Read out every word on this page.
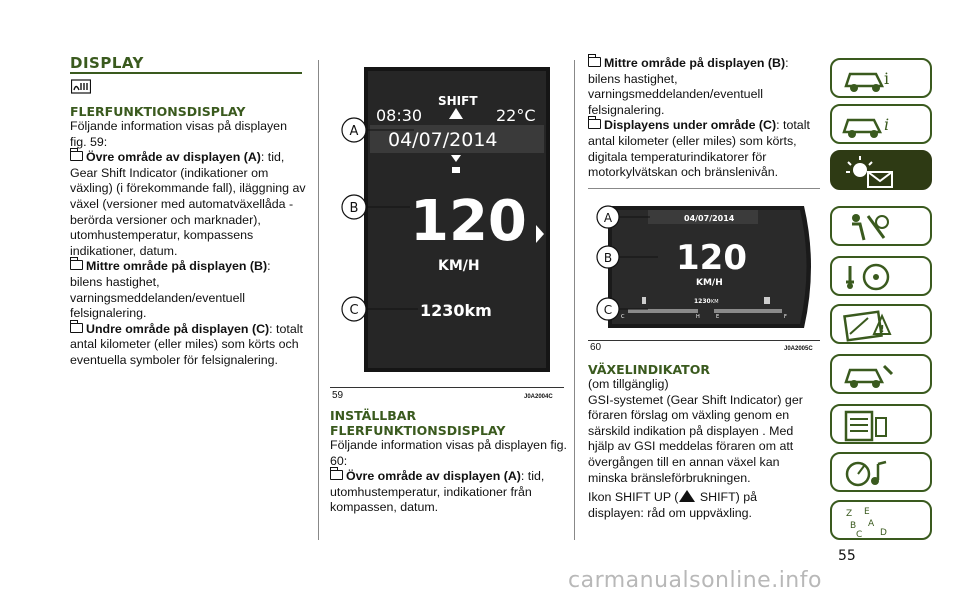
DISPLAY
FLERFUNKTIONSDISPLAY

Följande information visas på displayen fig. 59:

Övre område av displayen (A): tid, Gear Shift Indicator (indikationer om växling) (i förekommande fall), iläggning av växel (versioner med automatväxellåda - berörda versioner och marknader), utomhustemperatur, kompassens indikationer, datum.

Mittre område på displayen (B): bilens hastighet, varningsmeddelanden/eventuell felsignalering.

Undre område på displayen (C): totalt antal kilometer (eller miles) som körts och eventuella symboler för felsignalering.

08:30
SHIFT
22°C
04/07/2014
120
KM/H
1230km
A
B
C
59	J0A2004C
INSTÄLLBAR
FLERFUNKTIONSDISPLAY

Följande information visas på displayen fig. 60:

Övre område av displayen (A): tid, utomhustemperatur, indikationer från kompassen, datum.

Mittre område på displayen (B): bilens hastighet, varningsmeddelanden/eventuell felsignalering.

Displayens under område (C): totalt antal kilometer (eller miles) som körts, digitala temperaturindikatorer för motorkylvätskan och bränslenivån.

04/07/2014
120
KM/H
1230 KM
C	H	E	F
A
B
C
60	J0A2005C
VÄXELINDIKATOR

(om tillgänglig)

GSI-systemet (Gear Shift Indicator) ger föraren förslag om växling genom en särskild indikation på displayen . Med hjälp av GSI meddelas föraren om att övergången till en annan växel kan minska bränsleförbrukningen.

Ikon SHIFT UP ( SHIFT) på

displayen: råd om uppväxling.

i
i
!
Z E
B A
C D
55
carmanualsonline.info
